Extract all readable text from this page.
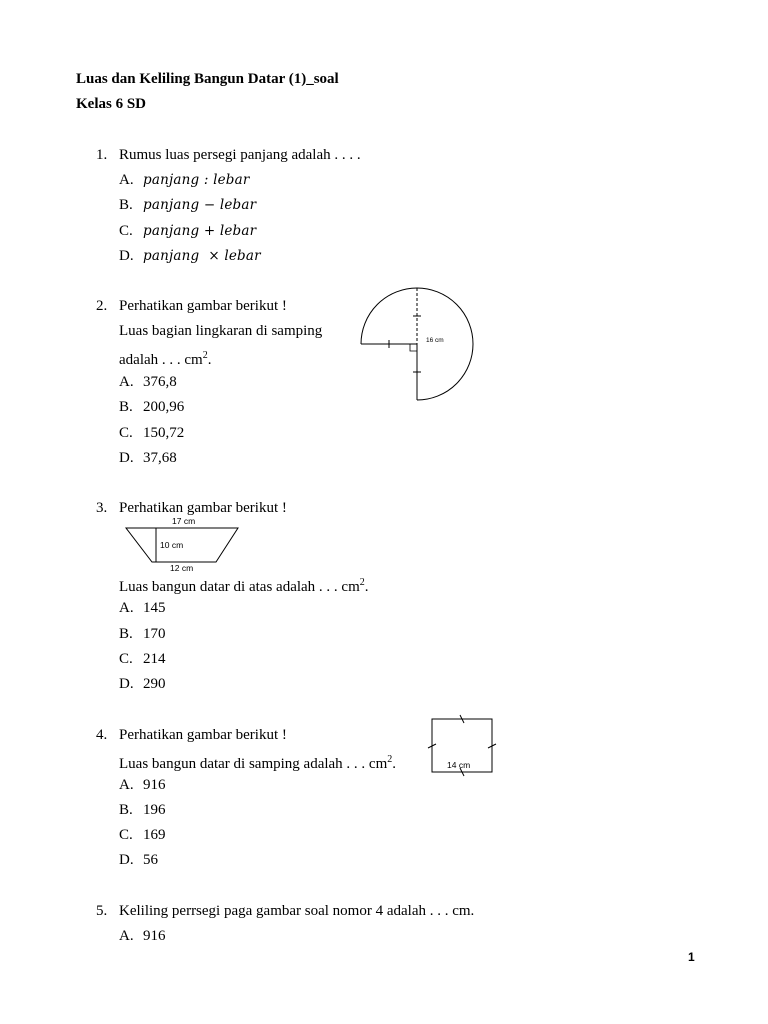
Luas dan Keliling Bangun Datar (1)_soal
Kelas 6 SD
1. Rumus luas persegi panjang adalah . . . .
A. panjang : lebar
B. panjang − lebar
C. panjang + lebar
D. panjang  × lebar
2. Perhatikan gambar berikut !
Luas bagian lingkaran di samping
adalah . . . $cm^2$.
16 cm
A. 376,8
B. 200,96
C. 150,72
D. 37,68
3. Perhatikan gambar berikut !
17 cm
10 cm
12 cm
Luas bangun datar di atas adalah . . . $cm^2$.
A. 145
B. 170
C. 214
D. 290
4. Perhatikan gambar berikut !
Luas bangun datar di samping adalah . . . $cm^2$.	14 cm
A. 916
B. 196
C. 169
D. 56
5. Keliling perrsegi paga gambar soal nomor 4 adalah . . . cm.
A. 916
1
